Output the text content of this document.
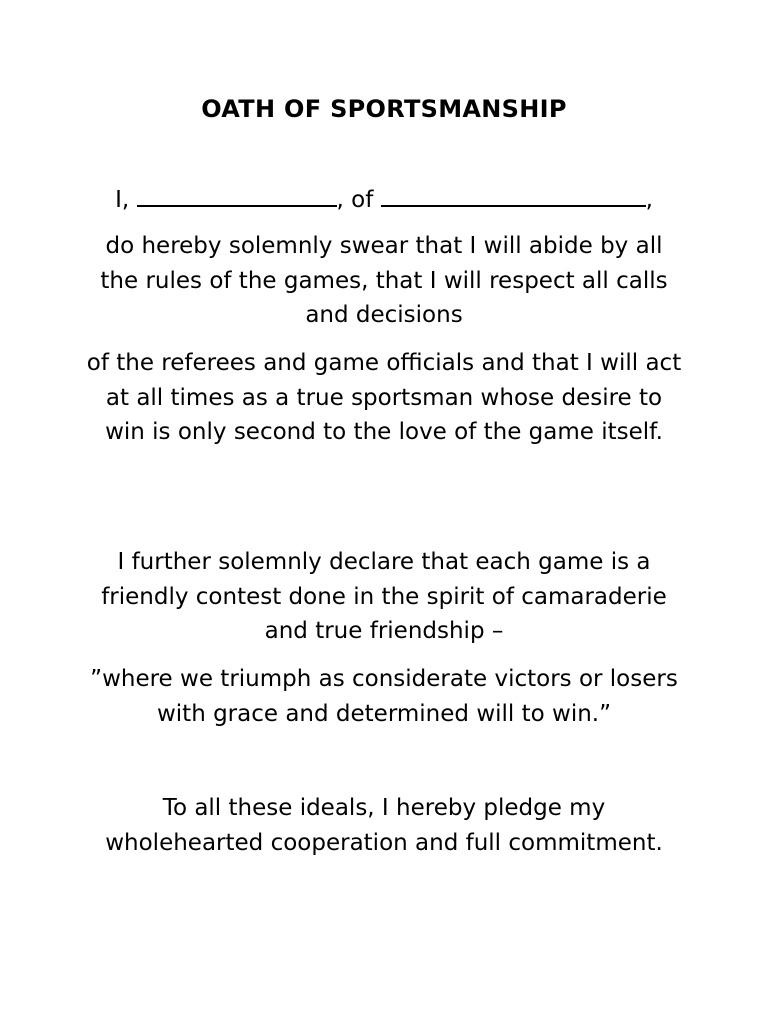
OATH OF SPORTSMANSHIP

I,	, of	,

do hereby solemnly swear that I will abide by all the rules of the games, that I will respect all calls and decisions

of the referees and game officials and that I will act at all times as a true sportsman whose desire to win is only second to the love of the game itself.

I further solemnly declare that each game is a friendly contest done in the spirit of camaraderie and true friendship –

”where we triumph as considerate victors or losers with grace and determined will to win.”

To all these ideals, I hereby pledge my wholehearted cooperation and full commitment.
